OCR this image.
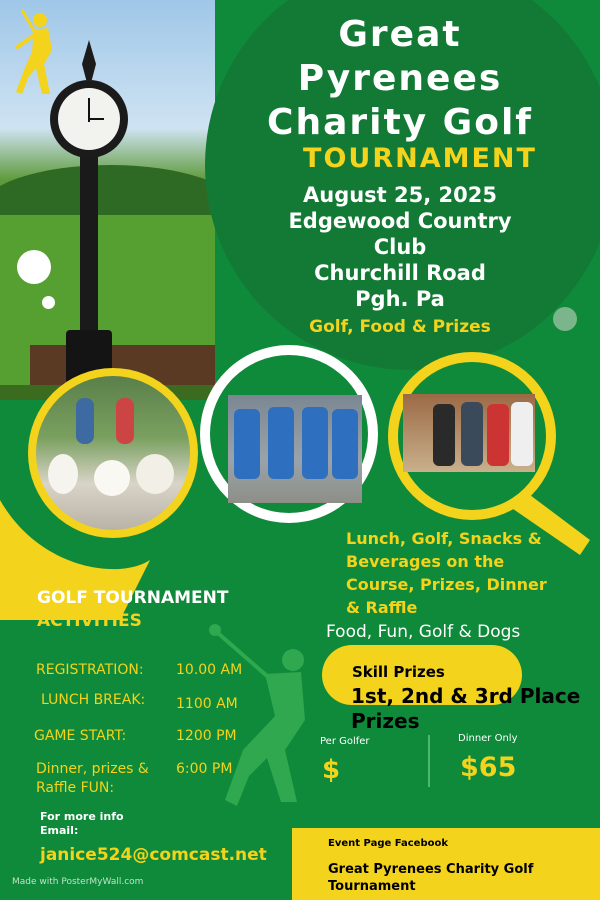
Great
Pyrenees
Charity Golf
TOURNAMENT
August 25, 2025
Edgewood Country
Club
Churchill Road
Pgh. Pa
Golf, Food & Prizes
Lunch, Golf, Snacks &
Beverages on the
Course, Prizes, Dinner
& Raffle
Food, Fun, Golf & Dogs
GOLF TOURNAMENT
ACTIVITIES
REGISTRATION: 10.00 AM
LUNCH BREAK: 1100 AM
GAME START:	1200 PM
Dinner, prizes &
Raffle FUN:
6:00 PM
Skill Prizes
1st, 2nd & 3rd Place
Prizes
Per Golfer
$
Dinner Only
$65
For more info
Email:
janice524@comcast.net
Made with PosterMyWall.com
Event Page Facebook
Great Pyrenees Charity Golf
Tournament
